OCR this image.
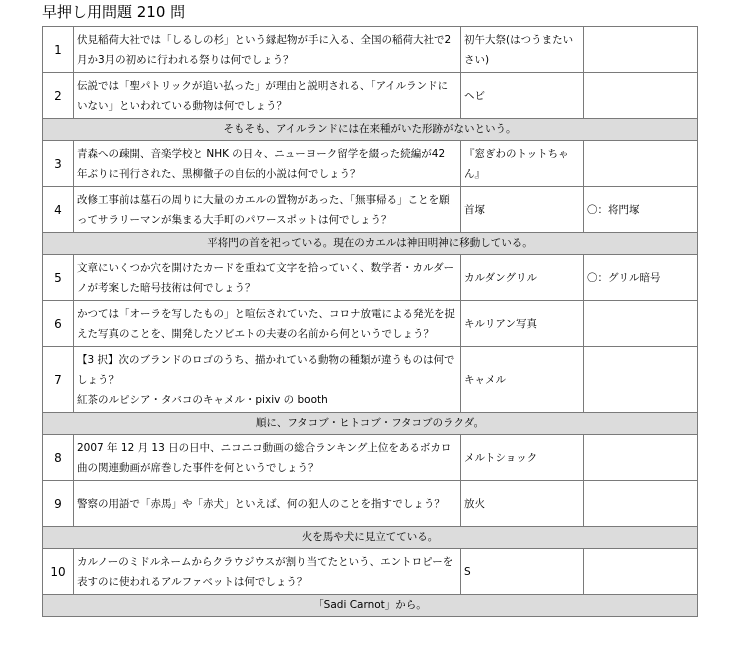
早押し用問題 210 問
1	伏見稲荷大社では「しるしの杉」という縁起物が手に入る、全国の稲荷大社で2月か3月の初めに行われる祭りは何でしょう？	初午大祭(はつうまたいさい)	
2	伝説では「聖パトリックが追い払った」が理由と説明される、「アイルランドにいない」といわれている動物は何でしょう？	ヘビ	
そもそも、アイルランドには在来種がいた形跡がないという。			
3	青森への疎開、音楽学校と NHK の日々、ニューヨーク留学を綴った続編が42 年ぶりに刊行された、黒柳徹子の自伝的小説は何でしょう？	『窓ぎわのトットちゃん』	
4	改修工事前は墓石の周りに大量のカエルの置物があった、「無事帰る」ことを願ってサラリーマンが集まる大手町のパワースポットは何でしょう？	首塚	〇：将門塚
平将門の首を祀っている。現在のカエルは神田明神に移動している。			
5	文章にいくつか穴を開けたカードを重ねて文字を拾っていく、数学者・カルダーノが考案した暗号技術は何でしょう？	カルダングリル	〇：グリル暗号
6	かつては「オーラを写したもの」と喧伝されていた、コロナ放電による発光を捉えた写真のことを、開発したソビエトの夫妻の名前から何というでしょう？	キルリアン写真	
7	【3 択】次のブランドのロゴのうち、描かれている動物の種類が違うものは何でしょう？
紅茶のルピシア・タバコのキャメル・pixiv の booth	キャメル	
順に、フタコブ・ヒトコブ・フタコブのラクダ。			
8	2007 年 12 月 13 日の日中、ニコニコ動画の総合ランキング上位をあるボカロ曲の関連動画が席巻した事件を何というでしょう？	メルトショック	
9	警察の用語で「赤馬」や「赤犬」といえば、何の犯人のことを指すでしょう？	放火	
火を馬や犬に見立てている。			
10	カルノーのミドルネームからクラウジウスが割り当てたという、エントロピーを表すのに使われるアルファベットは何でしょう？	S	
「Sadi Carnot」から。			
